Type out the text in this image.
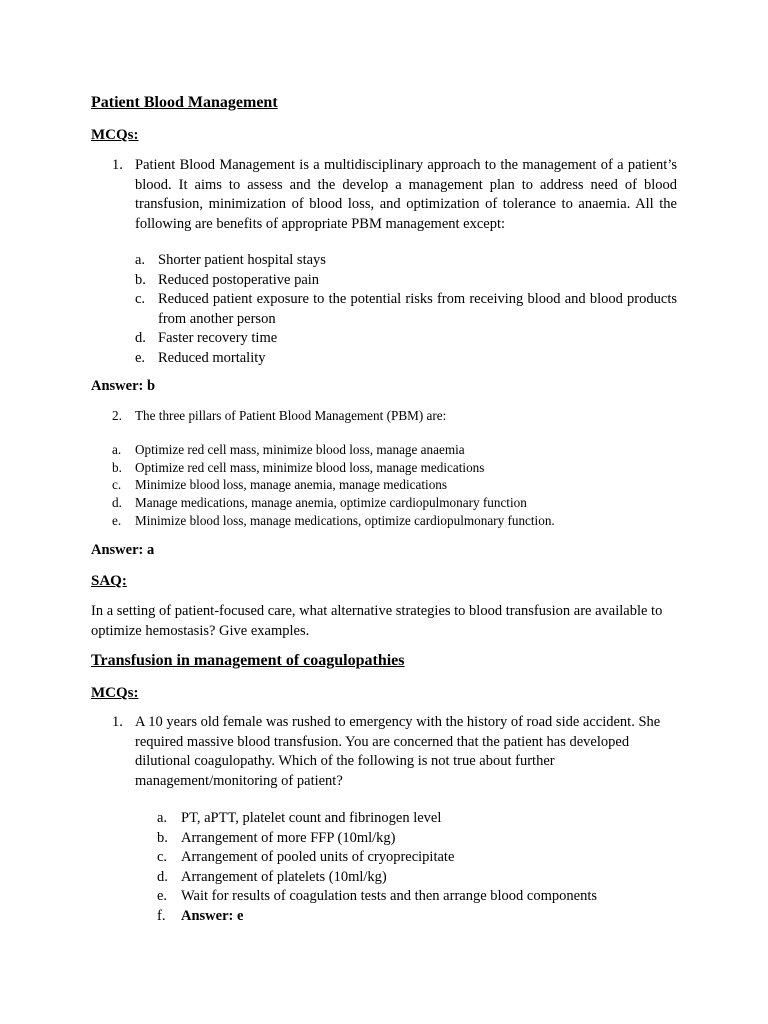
Patient Blood Management
MCQs:
1. Patient Blood Management is a multidisciplinary approach to the management of a patient’s blood. It aims to assess and the develop a management plan to address need of blood transfusion, minimization of blood loss, and optimization of tolerance to anaemia. All the following are benefits of appropriate PBM management except:
a. Shorter patient hospital stays
b. Reduced postoperative pain
c. Reduced patient exposure to the potential risks from receiving blood and blood products from another person
d. Faster recovery time
e. Reduced mortality
Answer: b
2. The three pillars of Patient Blood Management (PBM) are:
a. Optimize red cell mass, minimize blood loss, manage anaemia
b. Optimize red cell mass, minimize blood loss, manage medications
c. Minimize blood loss, manage anemia, manage medications
d. Manage medications, manage anemia, optimize cardiopulmonary function
e. Minimize blood loss, manage medications, optimize cardiopulmonary function.
Answer: a
SAQ:
In a setting of patient-focused care, what alternative strategies to blood transfusion are available to optimize hemostasis? Give examples.
Transfusion in management of coagulopathies
MCQs:
1. A 10 years old female was rushed to emergency with the history of road side accident. She required massive blood transfusion. You are concerned that the patient has developed dilutional coagulopathy. Which of the following is not true about further management/monitoring of patient?
a. PT, aPTT, platelet count and fibrinogen level
b. Arrangement of more FFP (10ml/kg)
c. Arrangement of pooled units of cryoprecipitate
d. Arrangement of platelets (10ml/kg)
e. Wait for results of coagulation tests and then arrange blood components
f. Answer: e
